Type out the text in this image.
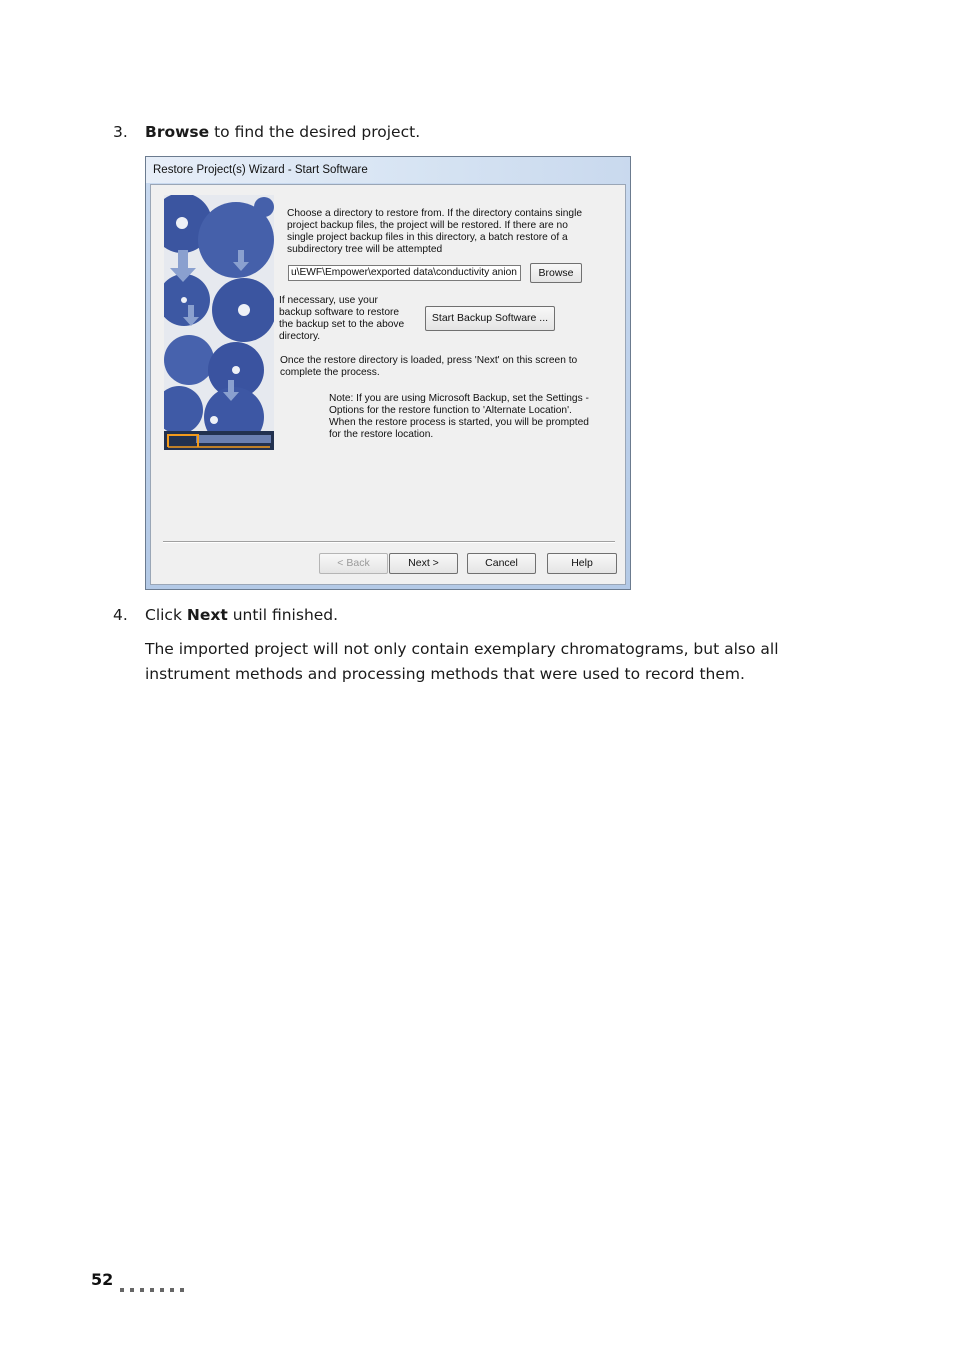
3. Browse to find the desired project.
Restore Project(s) Wizard - Start Software
Choose a directory to restore from. If the directory contains single project backup files, the project will be restored. If there are no single project backup files in this directory, a batch restore of a subdirectory tree will be attempted
u\EWF\Empower\exported data\conductivity anion	Browse
If necessary, use your backup software to restore the backup set to the above directory.
Start Backup Software ...
Once the restore directory is loaded, press 'Next' on this screen to complete the process.
Note: If you are using Microsoft Backup, set the Settings - Options for the restore function to 'Alternate Location'. When the restore process is started, you will be prompted for the restore location.
< Back	Next >	Cancel	Help
4. Click Next until finished.
The imported project will not only contain exemplary chromatograms, but also all instrument methods and processing methods that were used to record them.
52
